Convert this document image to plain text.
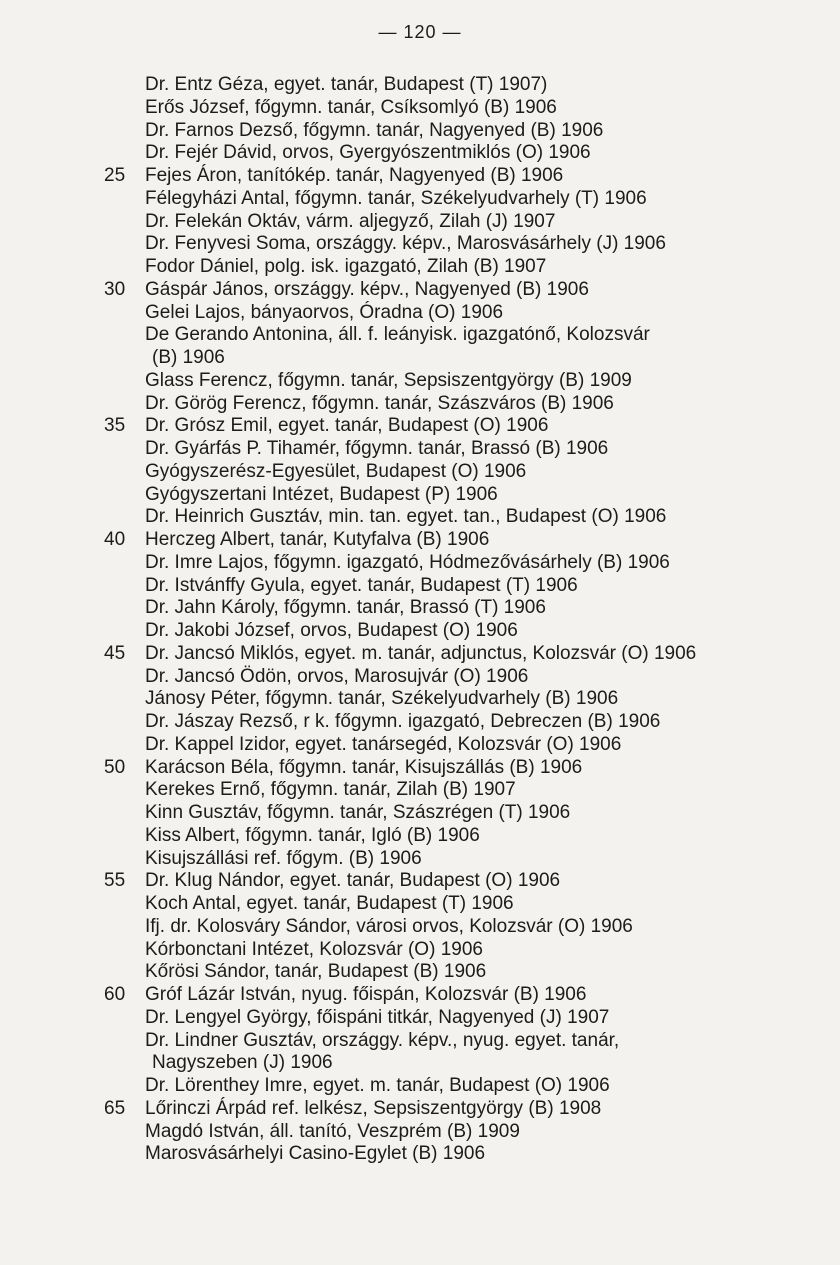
— 120 —
Dr. Entz Géza, egyet. tanár, Budapest (T) 1907)
Erős József, főgymn. tanár, Csíksomlyó (B) 1906
Dr. Farnos Dezső, főgymn. tanár, Nagyenyed (B) 1906
Dr. Fejér Dávid, orvos, Gyergyószentmiklós (O) 1906
25	Fejes Áron, tanítókép. tanár, Nagyenyed (B) 1906
Félegyházi Antal, főgymn. tanár, Székelyudvarhely (T) 1906
Dr. Felekán Oktáv, várm. aljegyző, Zilah (J) 1907
Dr. Fenyvesi Soma, országgy. képv., Marosvásárhely (J) 1906
Fodor Dániel, polg. isk. igazgató, Zilah (B) 1907
30	Gáspár János, országgy. képv., Nagyenyed (B) 1906
Gelei Lajos, bányaorvos, Óradna (O) 1906
De Gerando Antonina, áll. f. leányisk. igazgatónő, Kolozsvár
(B) 1906
Glass Ferencz, főgymn. tanár, Sepsiszentgyörgy (B) 1909
Dr. Görög Ferencz, főgymn. tanár, Szászváros (B) 1906
35	Dr. Grósz Emil, egyet. tanár, Budapest (O) 1906
Dr. Gyárfás P. Tihamér, főgymn. tanár, Brassó (B) 1906
Gyógyszerész-Egyesület, Budapest (O) 1906
Gyógyszertani Intézet, Budapest (P) 1906
Dr. Heinrich Gusztáv, min. tan. egyet. tan., Budapest (O) 1906
40	Herczeg Albert, tanár, Kutyfalva (B) 1906
Dr. Imre Lajos, főgymn. igazgató, Hódmezővásárhely (B) 1906
Dr. Istvánffy Gyula, egyet. tanár, Budapest (T) 1906
Dr. Jahn Károly, főgymn. tanár, Brassó (T) 1906
Dr. Jakobi József, orvos, Budapest (O) 1906
45	Dr. Jancsó Miklós, egyet. m. tanár, adjunctus, Kolozsvár (O) 1906
Dr. Jancsó Ödön, orvos, Marosujvár (O) 1906
Jánosy Péter, főgymn. tanár, Székelyudvarhely (B) 1906
Dr. Jászay Rezső, r k. főgymn. igazgató, Debreczen (B) 1906
Dr. Kappel Izidor, egyet. tanársegéd, Kolozsvár (O) 1906
50	Karácson Béla, főgymn. tanár, Kisujszállás (B) 1906
Kerekes Ernő, főgymn. tanár, Zilah (B) 1907
Kinn Gusztáv, főgymn. tanár, Szászrégen (T) 1906
Kiss Albert, főgymn. tanár, Igló (B) 1906
Kisujszállási ref. főgym. (B) 1906
55	Dr. Klug Nándor, egyet. tanár, Budapest (O) 1906
Koch Antal, egyet. tanár, Budapest (T) 1906
Ifj. dr. Kolosváry Sándor, városi orvos, Kolozsvár (O) 1906
Kórbonctani Intézet, Kolozsvár (O) 1906
Kőrösi Sándor, tanár, Budapest (B) 1906
60	Gróf Lázár István, nyug. főispán, Kolozsvár (B) 1906
Dr. Lengyel György, főispáni titkár, Nagyenyed (J) 1907
Dr. Lindner Gusztáv, országgy. képv., nyug. egyet. tanár,
Nagyszeben (J) 1906
Dr. Lörenthey Imre, egyet. m. tanár, Budapest (O) 1906
65	Lőrinczi Árpád ref. lelkész, Sepsiszentgyörgy (B) 1908
Magdó István, áll. tanító, Veszprém (B) 1909
Marosvásárhelyi Casino-Egylet (B) 1906
